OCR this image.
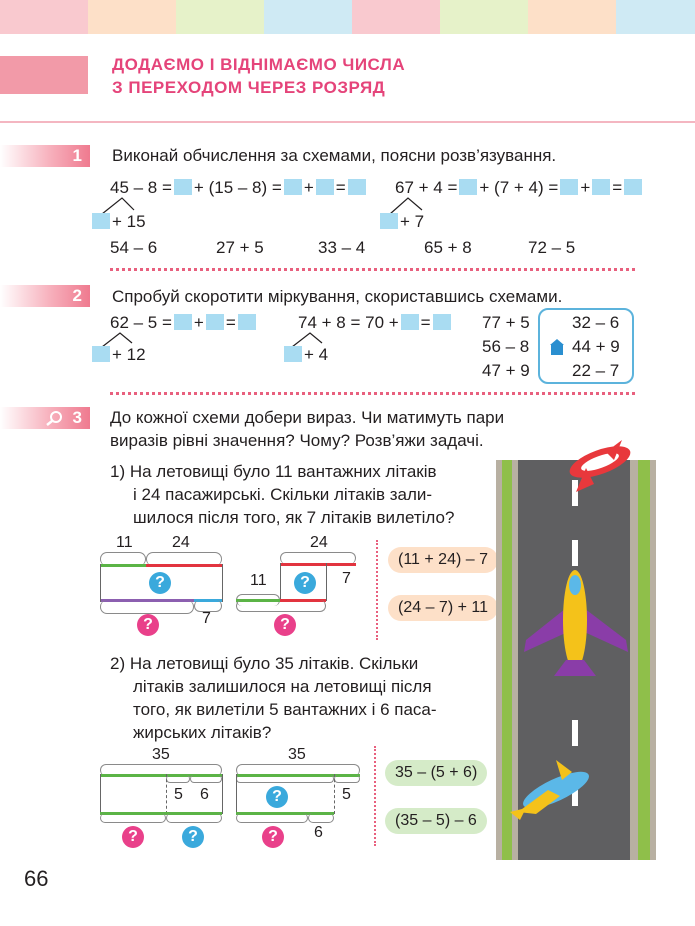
ДОДАЄМО І ВІДНІМАЄМО ЧИСЛА
З ПЕРЕХОДОМ ЧЕРЕЗ РОЗРЯД
1 Виконай обчислення за схемами, поясни розв’язування.
45 – 8 = + (15 – 8) = + =
+ 15
67 + 4 = + (7 + 4) = + =
+ 7
54 – 6	27 + 5	33 – 4	65 + 8	72 – 5
2 Спробуй скоротити міркування, скориставшись схемами.
62 – 5 = + =
+ 12
74 + 8 = 70 + =
+ 4
77 + 5
56 – 8
47 + 9
32 – 6
44 + 9
22 – 7
3 До кожної схеми добери вираз. Чи матимуть пари
виразів рівні значення? Чому? Розв’яжи задачі.
1) На летовищі було 11 вантажних літаків
і 24 пасажирські. Скільки літаків зали-
шилося після того, як 7 літаків вилетіло?
11 24
?
?	7
24
11	7
?
?
(11 + 24) – 7
(24 – 7) + 11
2) На летовищі було 35 літаків. Скільки
літаків залишилося на летовищі після
того, як вилетіли 5 вантажних і 6 паса-
жирських літаків?
35
5 6
?	?
35
5
?
6
?
35 – (5 + 6)
(35 – 5) – 6
66
